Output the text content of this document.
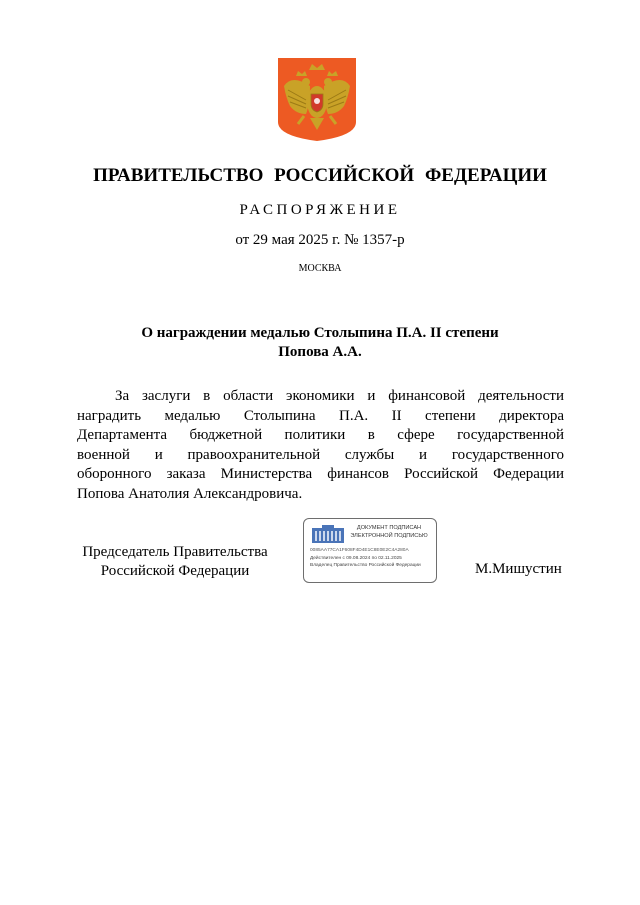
ПРАВИТЕЛЬСТВО РОССИЙСКОЙ ФЕДЕРАЦИИ
РАСПОРЯЖЕНИЕ
от 29 мая 2025 г. № 1357-р
МОСКВА
О награждении медалью Столыпина П.А. II степени
Попова А.А.
За заслуги в области экономики и финансовой деятельности
наградить медалью Столыпина П.А. II степени директора
Департамента бюджетной политики в сфере государственной
военной и правоохранительной службы и государственного
оборонного заказа Министерства финансов Российской Федерации
Попова Анатолия Александровича.
Председатель Правительства
Российской Федерации
ДОКУМЕНТ ПОДПИСАН
ЭЛЕКТРОННОЙ ПОДПИСЬЮ
0085AA77CA1F608F4D4E1C8E0E2C4A280A
Действителен с 09.08.2024 по 02.11.2025
Владелец Правительство Российской Федерации	М.Мишустин
